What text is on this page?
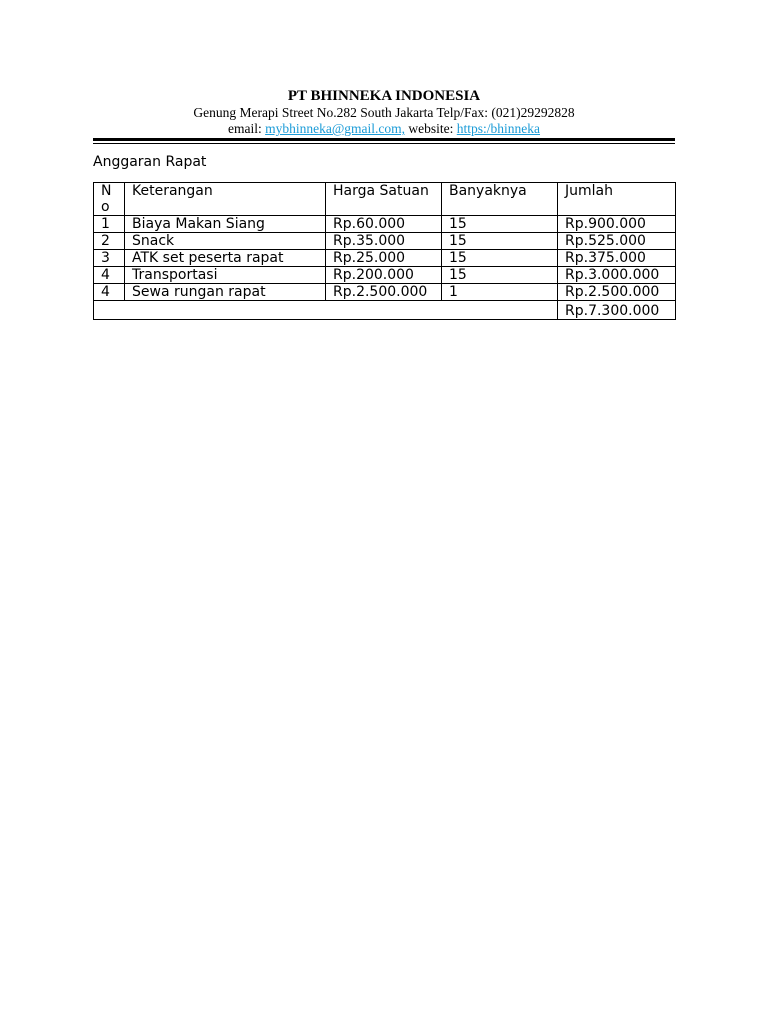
PT BHINNEKA INDONESIA
Genung Merapi Street No.282 South Jakarta Telp/Fax: (021)29292828
email: mybhinneka@gmail.com, website: https:/bhinneka
Anggaran Rapat
No	Keterangan	Harga Satuan	Banyaknya	Jumlah
1	Biaya Makan Siang	Rp.60.000	15	Rp.900.000
2	Snack	Rp.35.000	15	Rp.525.000
3	ATK set peserta rapat	Rp.25.000	15	Rp.375.000
4	Transportasi	Rp.200.000	15	Rp.3.000.000
4	Sewa rungan rapat	Rp.2.500.000	1	Rp.2.500.000
				Rp.7.300.000
